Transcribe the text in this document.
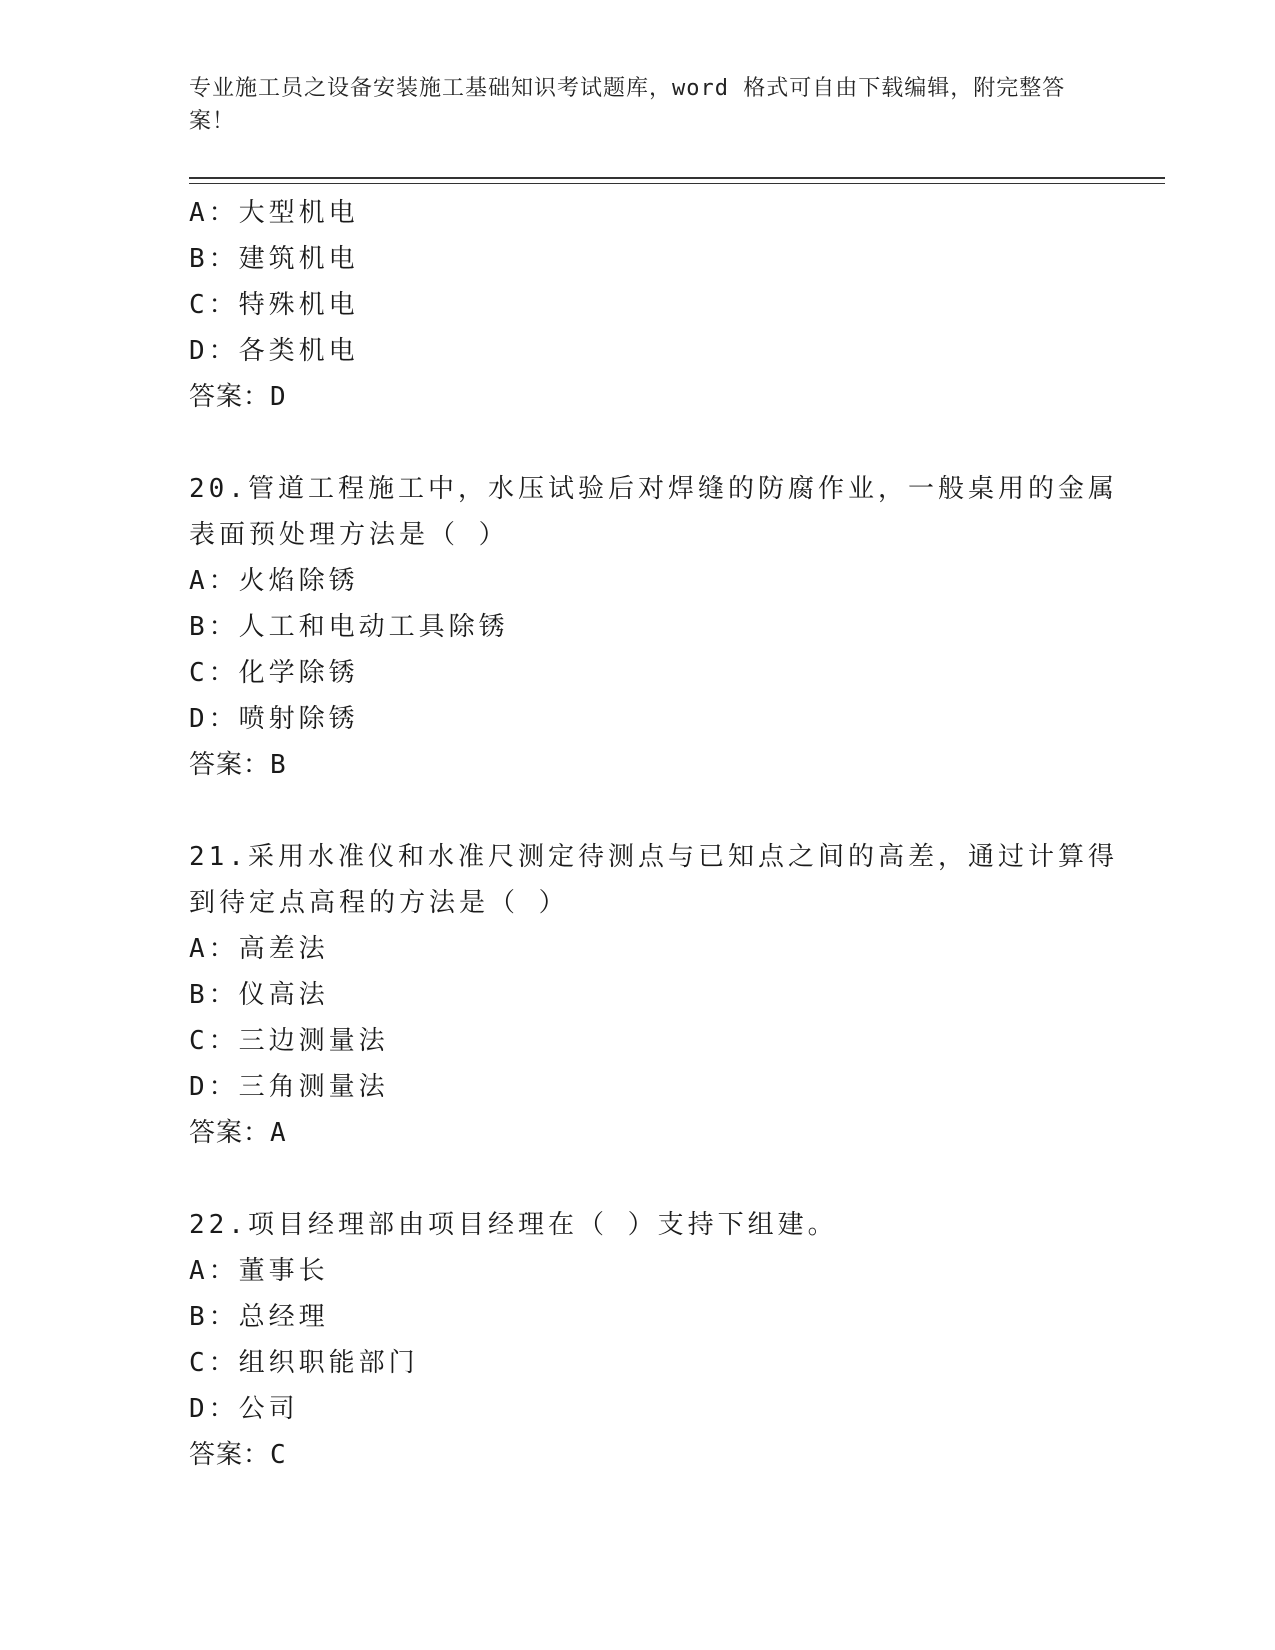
专业施工员之设备安装施工基础知识考试题库，word 格式可自由下载编辑，附完整答案！
A：大型机电
B：建筑机电
C：特殊机电
D：各类机电
答案：D
20.管道工程施工中，水压试验后对焊缝的防腐作业，一般桌用的金属
表面预处理方法是（ ）
A：火焰除锈
B：人工和电动工具除锈
C：化学除锈
D：喷射除锈
答案：B
21.采用水准仪和水准尺测定待测点与已知点之间的高差，通过计算得
到待定点高程的方法是（ ）
A：高差法
B：仪高法
C：三边测量法
D：三角测量法
答案：A
22.项目经理部由项目经理在（ ）支持下组建。
A：董事长
B：总经理
C：组织职能部门
D：公司
答案：C
